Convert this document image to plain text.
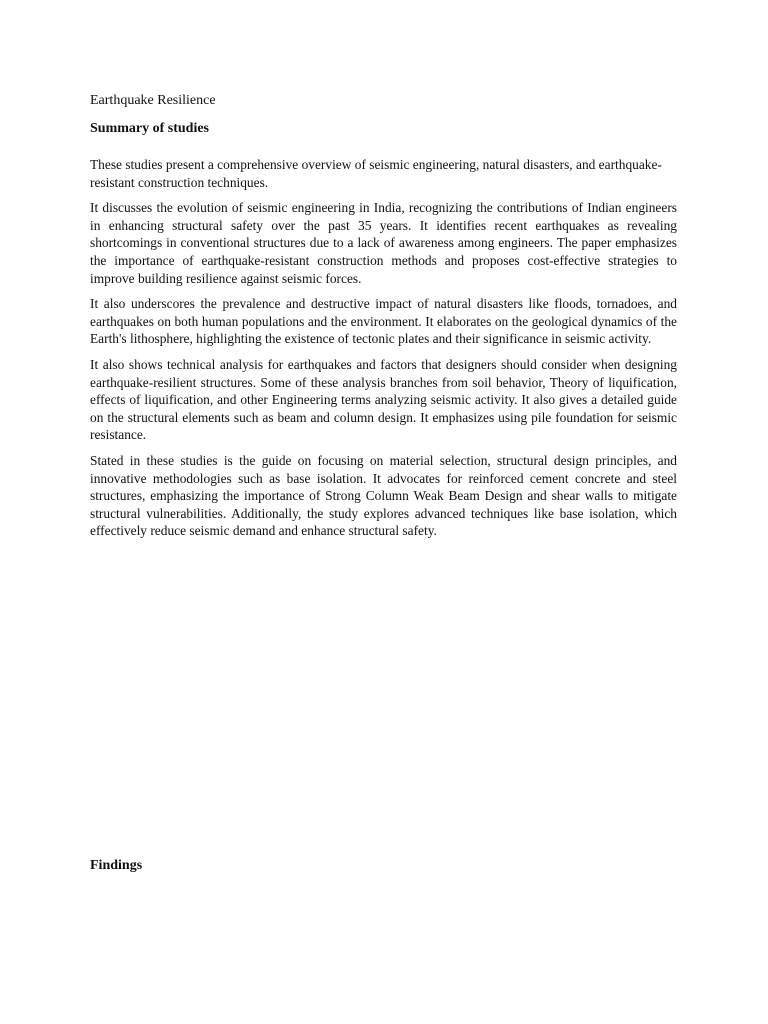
Earthquake Resilience
Summary of studies

These studies present a comprehensive overview of seismic engineering, natural disasters, and earthquake-resistant construction techniques.

It discusses the evolution of seismic engineering in India, recognizing the contributions of Indian engineers in enhancing structural safety over the past 35 years. It identifies recent earthquakes as revealing shortcomings in conventional structures due to a lack of awareness among engineers. The paper emphasizes the importance of earthquake-resistant construction methods and proposes cost-effective strategies to improve building resilience against seismic forces.

It also underscores the prevalence and destructive impact of natural disasters like floods, tornadoes, and earthquakes on both human populations and the environment. It elaborates on the geological dynamics of the Earth's lithosphere, highlighting the existence of tectonic plates and their significance in seismic activity.

It also shows technical analysis for earthquakes and factors that designers should consider when designing earthquake-resilient structures. Some of these analysis branches from soil behavior, Theory of liquification, effects of liquification, and other Engineering terms analyzing seismic activity. It also gives a detailed guide on the structural elements such as beam and column design. It emphasizes using pile foundation for seismic resistance.

Stated in these studies is the guide on focusing on material selection, structural design principles, and innovative methodologies such as base isolation. It advocates for reinforced cement concrete and steel structures, emphasizing the importance of Strong Column Weak Beam Design and shear walls to mitigate structural vulnerabilities. Additionally, the study explores advanced techniques like base isolation, which effectively reduce seismic demand and enhance structural safety.

Findings
